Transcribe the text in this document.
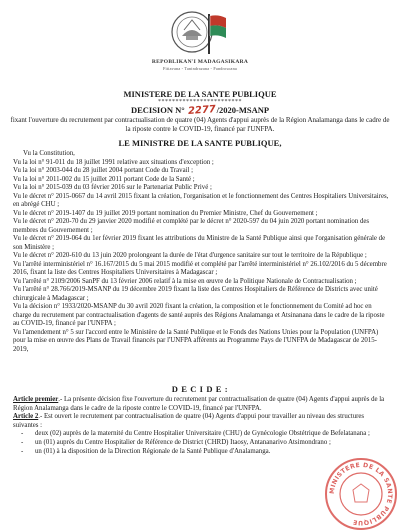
REPOBLIKAN'I MADAGASIKARA
Fitiavana - Tanindrazana - Fandrosoana
MINISTERE DE LA SANTE PUBLIQUE
************************
DECISION N° 2277/2020-MSANP
fixant l'ouverture du recrutement par contractualisation de quatre (04) Agents d'appui auprès de la Région Analamanga dans le cadre de la riposte contre le COVID-19, financé par l'UNFPA.
LE MINISTRE DE LA SANTE PUBLIQUE,

Vu la Constitution,

Vu la loi n° 91-011 du 18 juillet 1991 relative aux situations d'exception ;

Vu la loi n° 2003-044 du 28 juillet 2004 portant Code du Travail ;

Vu la loi n° 2011-002 du 15 juillet 2011 portant Code de la Santé ;

Vu la loi n° 2015-039 du 03 février 2016 sur le Partenariat Public Privé ;

Vu le décret n° 2015-0667 du 14 avril 2015 fixant la création, l'organisation et le fonctionnement des Centres Hospitaliers Universitaires, en abrégé CHU ;

Vu le décret n° 2019-1407 du 19 juillet 2019 portant nomination du Premier Ministre, Chef du Gouvernement ;

Vu le décret n° 2020-70 du 29 janvier 2020 modifié et complété par le décret n° 2020-597 du 04 juin 2020 portant nomination des membres du Gouvernement ;

Vu le décret n° 2019-064 du 1er février 2019 fixant les attributions du Ministre de la Santé Publique ainsi que l'organisation générale de son Ministère ;

Vu le décret n° 2020-610 du 13 juin 2020 prolongeant la durée de l'état d'urgence sanitaire sur tout le territoire de la République ;

Vu l'arrêté interministériel n° 16.167/2015 du 5 mai 2015 modifié et complété par l'arrêté interministériel n° 26.102/2016 du 5 décembre 2016, fixant la liste des Centres Hospitaliers Universitaires à Madagascar ;

Vu l'arrêté n° 2109/2006 SanPF du 13 février 2006 relatif à la mise en œuvre de la Politique Nationale de Contractualisation ;

Vu l'arrêté n° 28.766/2019-MSANP du 19 décembre 2019 fixant la liste des Centres Hospitaliers de Référence de Districts avec unité chirurgicale à Madagascar ;

Vu la décision n° 1933/2020-MSANP du 30 avril 2020 fixant la création, la composition et le fonctionnement du Comité ad hoc en charge du recrutement par contractualisation d'agents de santé auprès des Régions Analamanga et Atsinanana dans le cadre de la riposte au COVID-19, financé par l'UNFPA ;

Vu l'amendement n° 5 sur l'accord entre le Ministère de la Santé Publique et le Fonds des Nations Unies pour la Population (UNFPA) pour la mise en œuvre des Plans de Travail financés par l'UNFPA afférents au Programme Pays de l'UNFPA de Madagascar de 2015-2019,

D E C I D E :

Article premier.- La présente décision fixe l'ouverture du recrutement par contractualisation de quatre (04) Agents d'appui auprès de la Région Analamanga dans le cadre de la riposte contre le COVID-19, financé par l'UNFPA.

Article 2.- Est ouvert le recrutement par contractualisation de quatre (04) Agents d'appui pour travailler au niveau des structures suivantes :

- deux (02) auprès de la maternité du Centre Hospitalier Universitaire (CHU) de Gynécologie Obstétrique de Befelatanana ;
- un (01) auprès du Centre Hospitalier de Référence de District (CHRD) Itaosy, Antananarivo Atsimondrano ;
- un (01) à la disposition de la Direction Régionale de la Santé Publique d'Analamanga.
MINISTERE DE LA SANTE PUBLIQUE
